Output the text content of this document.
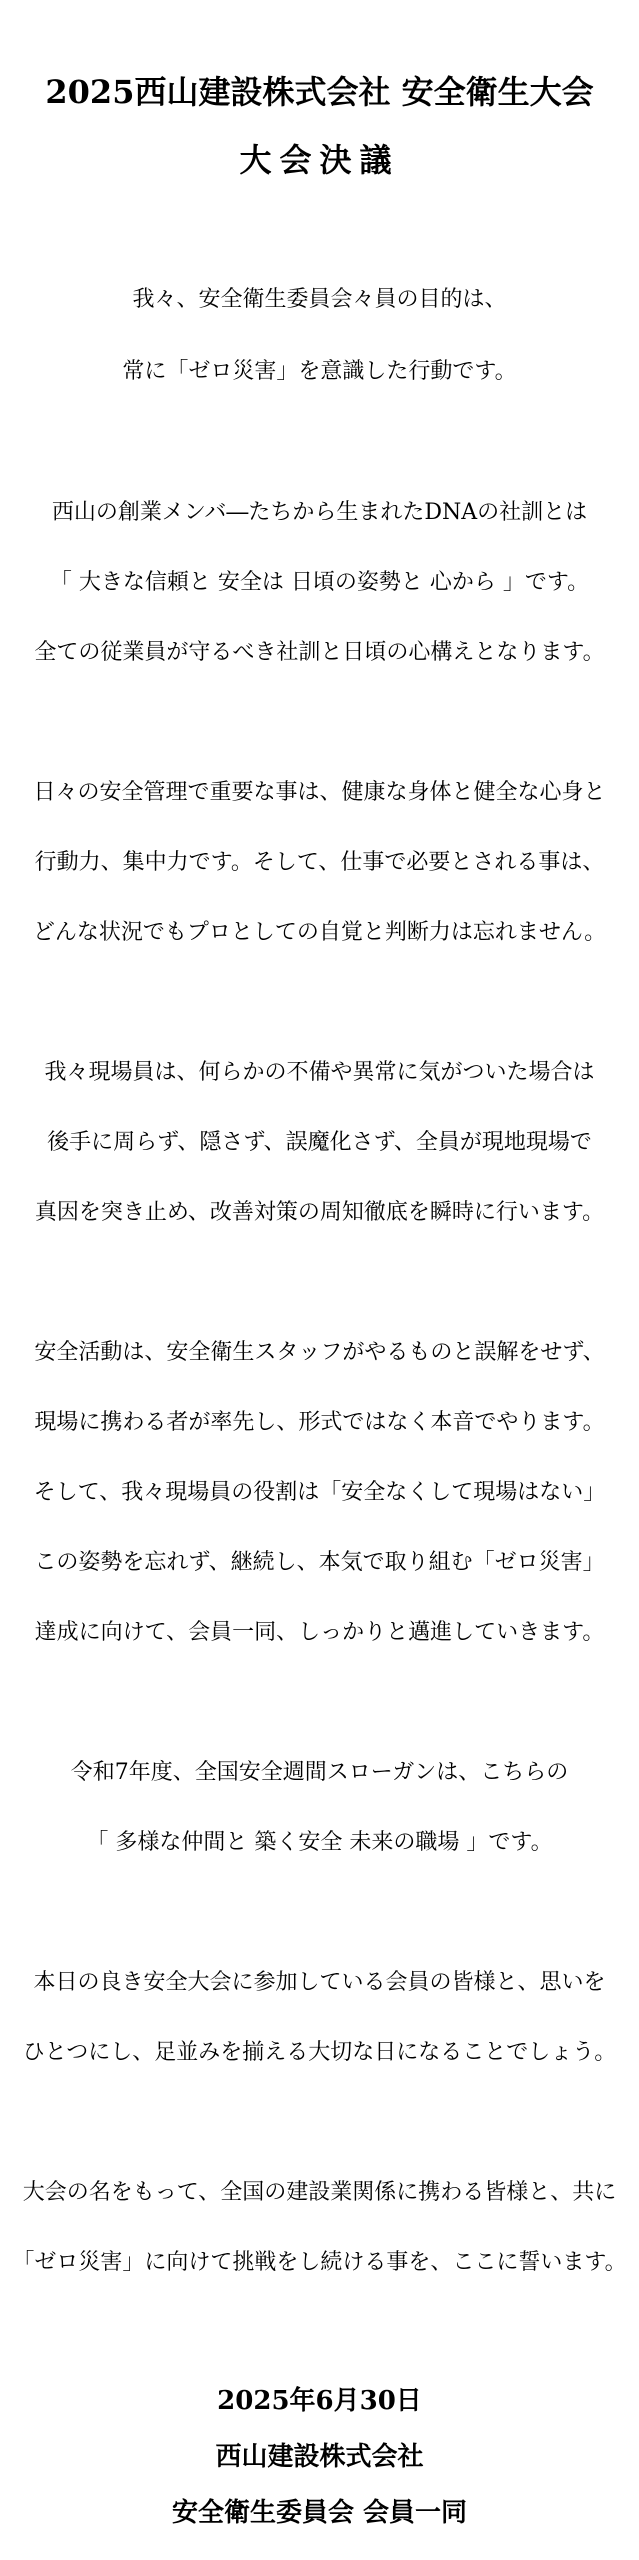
2025西山建設株式会社 安全衛生大会
大会決議
我々、安全衛生委員会々員の目的は、
常に「ゼロ災害」を意識した行動です。
西山の創業メンバ―たちから生まれたDNAの社訓とは
「 大きな信頼と 安全は 日頃の姿勢と 心から 」です。
全ての従業員が守るべき社訓と日頃の心構えとなります。
日々の安全管理で重要な事は、健康な身体と健全な心身と
行動力、集中力です。そして、仕事で必要とされる事は、
どんな状況でもプロとしての自覚と判断力は忘れません。
我々現場員は、何らかの不備や異常に気がついた場合は
後手に周らず、隠さず、誤魔化さず、全員が現地現場で
真因を突き止め、改善対策の周知徹底を瞬時に行います。
安全活動は、安全衛生スタッフがやるものと誤解をせず、
現場に携わる者が率先し、形式ではなく本音でやります。
そして、我々現場員の役割は「安全なくして現場はない」
この姿勢を忘れず、継続し、本気で取り組む「ゼロ災害」
達成に向けて、会員一同、しっかりと邁進していきます。
令和7年度、全国安全週間スローガンは、こちらの
「 多様な仲間と 築く安全 未来の職場 」です。
本日の良き安全大会に参加している会員の皆様と、思いを
ひとつにし、足並みを揃える大切な日になることでしょう。
大会の名をもって、全国の建設業関係に携わる皆様と、共に
「ゼロ災害」に向けて挑戦をし続ける事を、ここに誓います。
2025年6月30日
西山建設株式会社
安全衛生委員会 会員一同
